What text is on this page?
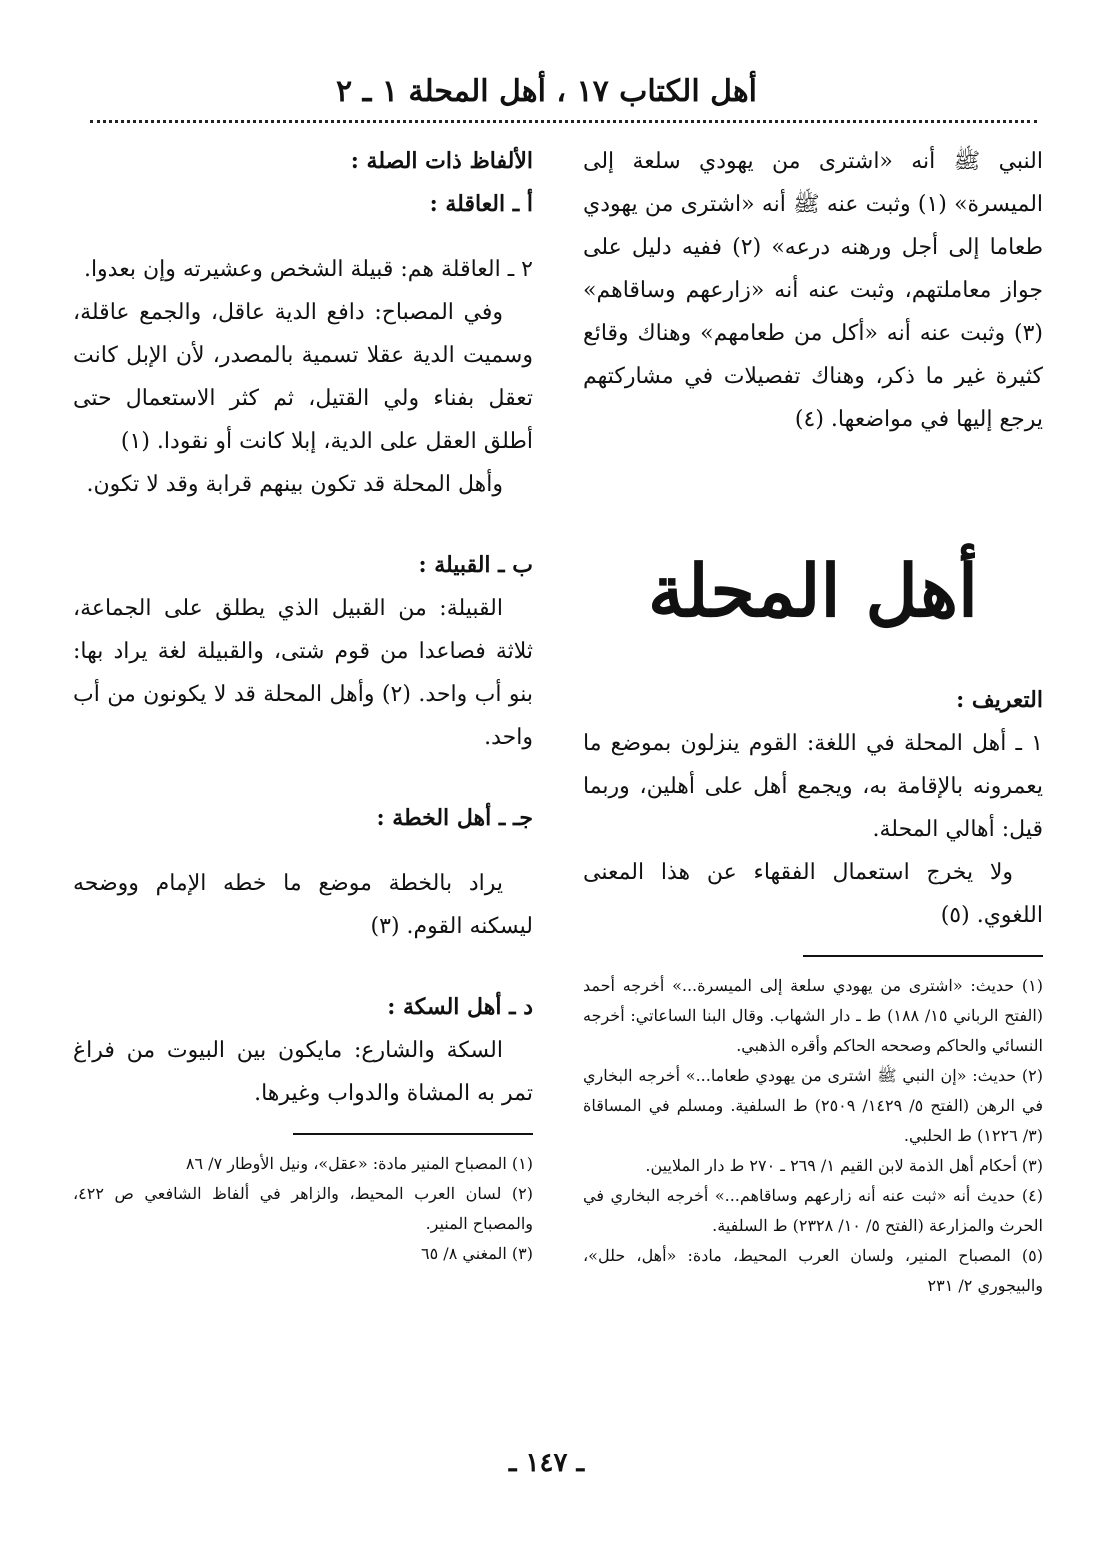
أهل الكتاب ١٧ ، أهل المحلة ١ ـ ٢

النبي ﷺ أنه «اشترى من يهودي سلعة إلى الميسرة» (١) وثبت عنه ﷺ أنه «اشترى من يهودي طعاما إلى أجل ورهنه درعه» (٢) ففيه دليل على جواز معاملتهم، وثبت عنه أنه «زارعهم وساقاهم» (٣) وثبت عنه أنه «أكل من طعامهم» وهناك وقائع كثيرة غير ما ذكر، وهناك تفصيلات في مشاركتهم يرجع إليها في مواضعها. (٤)

أهل المحلة

التعريف :

١ ـ أهل المحلة في اللغة: القوم ينزلون بموضع ما يعمرونه بالإقامة به، ويجمع أهل على أهلين، وربما قيل: أهالي المحلة.

ولا يخرج استعمال الفقهاء عن هذا المعنى اللغوي. (٥)

(١) حديث: «اشترى من يهودي سلعة إلى الميسرة...» أخرجه أحمد (الفتح الرباني ١٥/ ١٨٨) ط ـ دار الشهاب. وقال البنا الساعاتي: أخرجه النسائي والحاكم وصححه الحاكم وأقره الذهبي.

(٢) حديث: «إن النبي ﷺ اشترى من يهودي طعاما...» أخرجه البخاري في الرهن (الفتح ٥/ ١٤٢٩/ ٢٥٠٩) ط السلفية. ومسلم في المساقاة (٣/ ١٢٢٦) ط الحلبي.

(٣) أحكام أهل الذمة لابن القيم ١/ ٢٦٩ ـ ٢٧٠ ط دار الملايين.

(٤) حديث أنه «ثبت عنه أنه زارعهم وساقاهم...» أخرجه البخاري في الحرث والمزارعة (الفتح ٥/ ١٠/ ٢٣٢٨) ط السلفية.

(٥) المصباح المنير، ولسان العرب المحيط، مادة: «أهل، حلل»، والبيجوري ٢/ ٢٣١

الألفاظ ذات الصلة :

أ ـ العاقلة :

٢ ـ العاقلة هم: قبيلة الشخص وعشيرته وإن بعدوا.

وفي المصباح: دافع الدية عاقل، والجمع عاقلة، وسميت الدية عقلا تسمية بالمصدر، لأن الإبل كانت تعقل بفناء ولي القتيل، ثم كثر الاستعمال حتى أطلق العقل على الدية، إبلا كانت أو نقودا. (١)

وأهل المحلة قد تكون بينهم قرابة وقد لا تكون.

ب ـ القبيلة :

القبيلة: من القبيل الذي يطلق على الجماعة، ثلاثة فصاعدا من قوم شتى، والقبيلة لغة يراد بها: بنو أب واحد. (٢) وأهل المحلة قد لا يكونون من أب واحد.

جـ ـ أهل الخطة :

يراد بالخطة موضع ما خطه الإمام ووضحه ليسكنه القوم. (٣)

د ـ أهل السكة :

السكة والشارع: مايكون بين البيوت من فراغ تمر به المشاة والدواب وغيرها.

(١) المصباح المنير مادة: «عقل»، ونيل الأوطار ٧/ ٨٦

(٢) لسان العرب المحيط، والزاهر في ألفاظ الشافعي ص ٤٢٢، والمصباح المنير.

(٣) المغني ٨/ ٦٥

ـ ١٤٧ ـ
